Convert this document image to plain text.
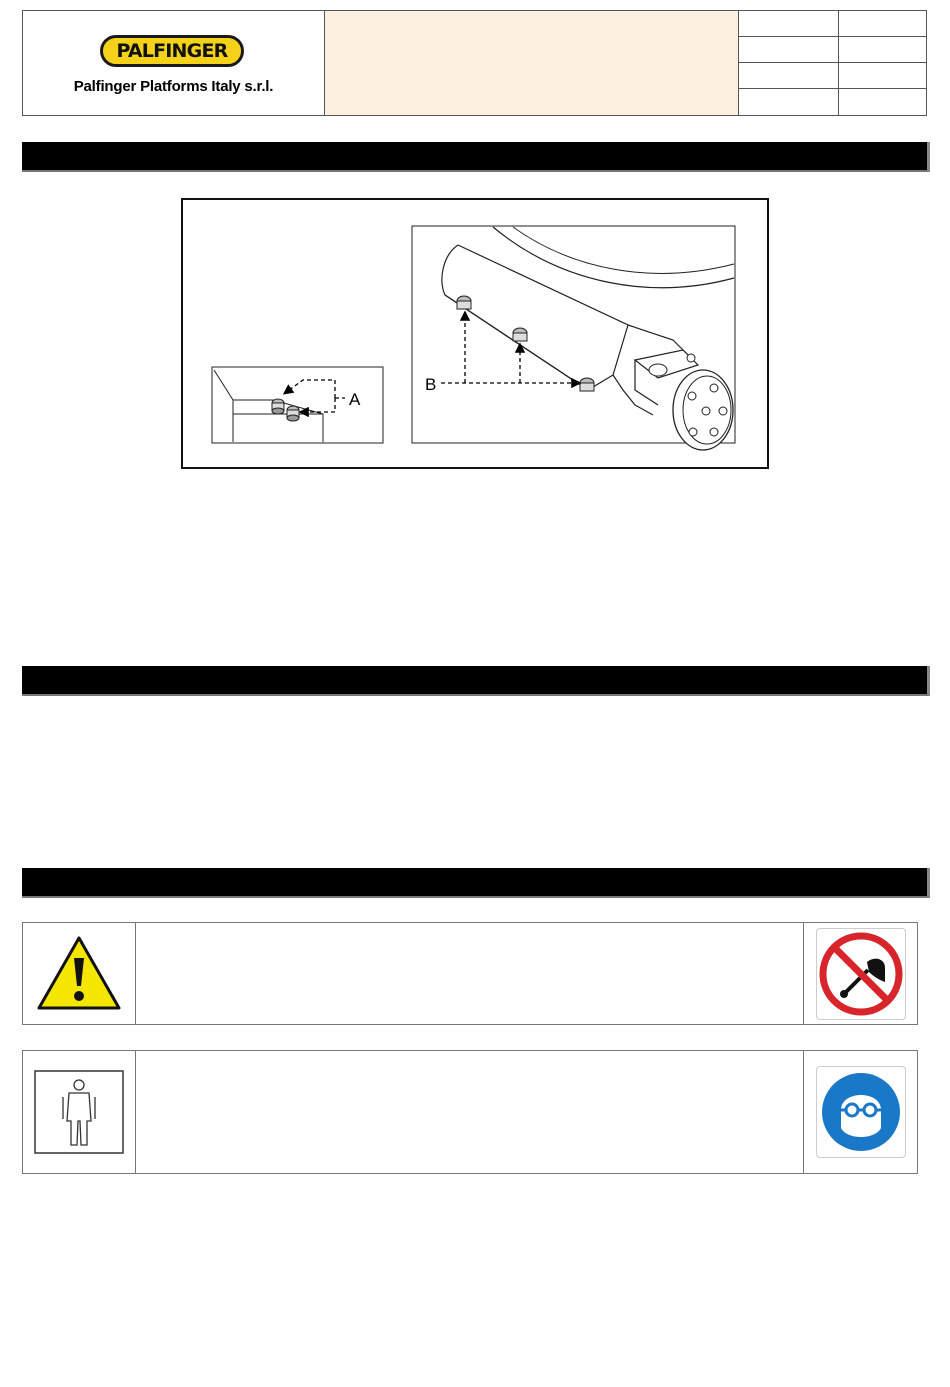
PALFINGER
Palfinger Platforms Italy s.r.l.
A
B
